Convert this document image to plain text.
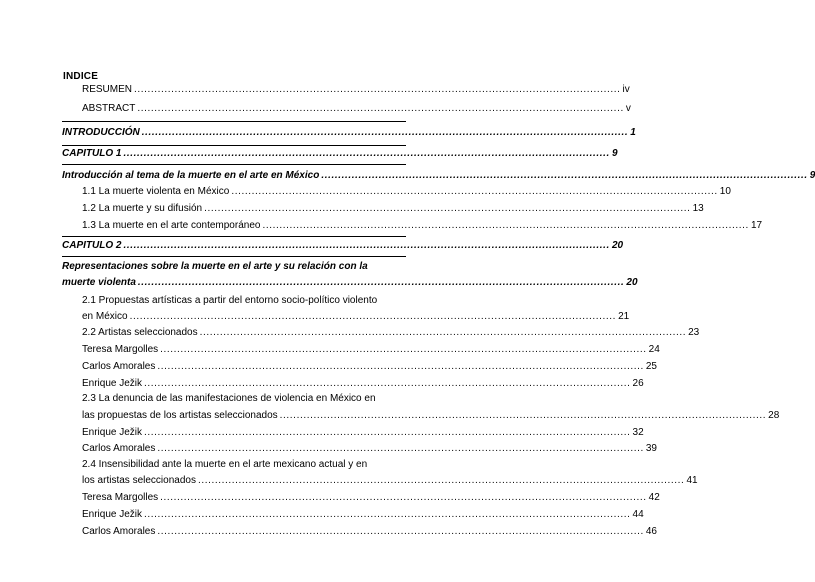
INDICE
RESUMEN ................................................................................................................................................ iv
ABSTRACT ................................................................................................................................................ v
INTRODUCCIÓN ................................................................................................................................................ 1
CAPITULO 1 ................................................................................................................................................ 9
Introducción al tema de la muerte en el arte en México ................................................................................................................................................ 9
1.1 La muerte violenta en México ................................................................................................................................................ 10
1.2 La muerte y su difusión ................................................................................................................................................ 13
1.3 La muerte en el arte contemporáneo ................................................................................................................................................ 17
CAPITULO 2 ................................................................................................................................................ 20
Representaciones sobre la muerte en el arte y su relación con la
muerte violenta ................................................................................................................................................ 20
2.1 Propuestas artísticas a partir del entorno socio-político violento
en México ................................................................................................................................................ 21
2.2 Artistas seleccionados ................................................................................................................................................ 23
Teresa Margolles ................................................................................................................................................ 24
Carlos Amorales ................................................................................................................................................ 25
Enrique Ježik ................................................................................................................................................ 26
2.3 La denuncia de las manifestaciones de violencia en México en
las propuestas de los artistas seleccionados ................................................................................................................................................ 28
Enrique Ježik ................................................................................................................................................ 32
Carlos Amorales ................................................................................................................................................ 39
2.4 Insensibilidad ante la muerte en el arte mexicano actual y en
los artistas seleccionados ................................................................................................................................................ 41
Teresa Margolles ................................................................................................................................................ 42
Enrique Ježik ................................................................................................................................................ 44
Carlos Amorales ................................................................................................................................................ 46
